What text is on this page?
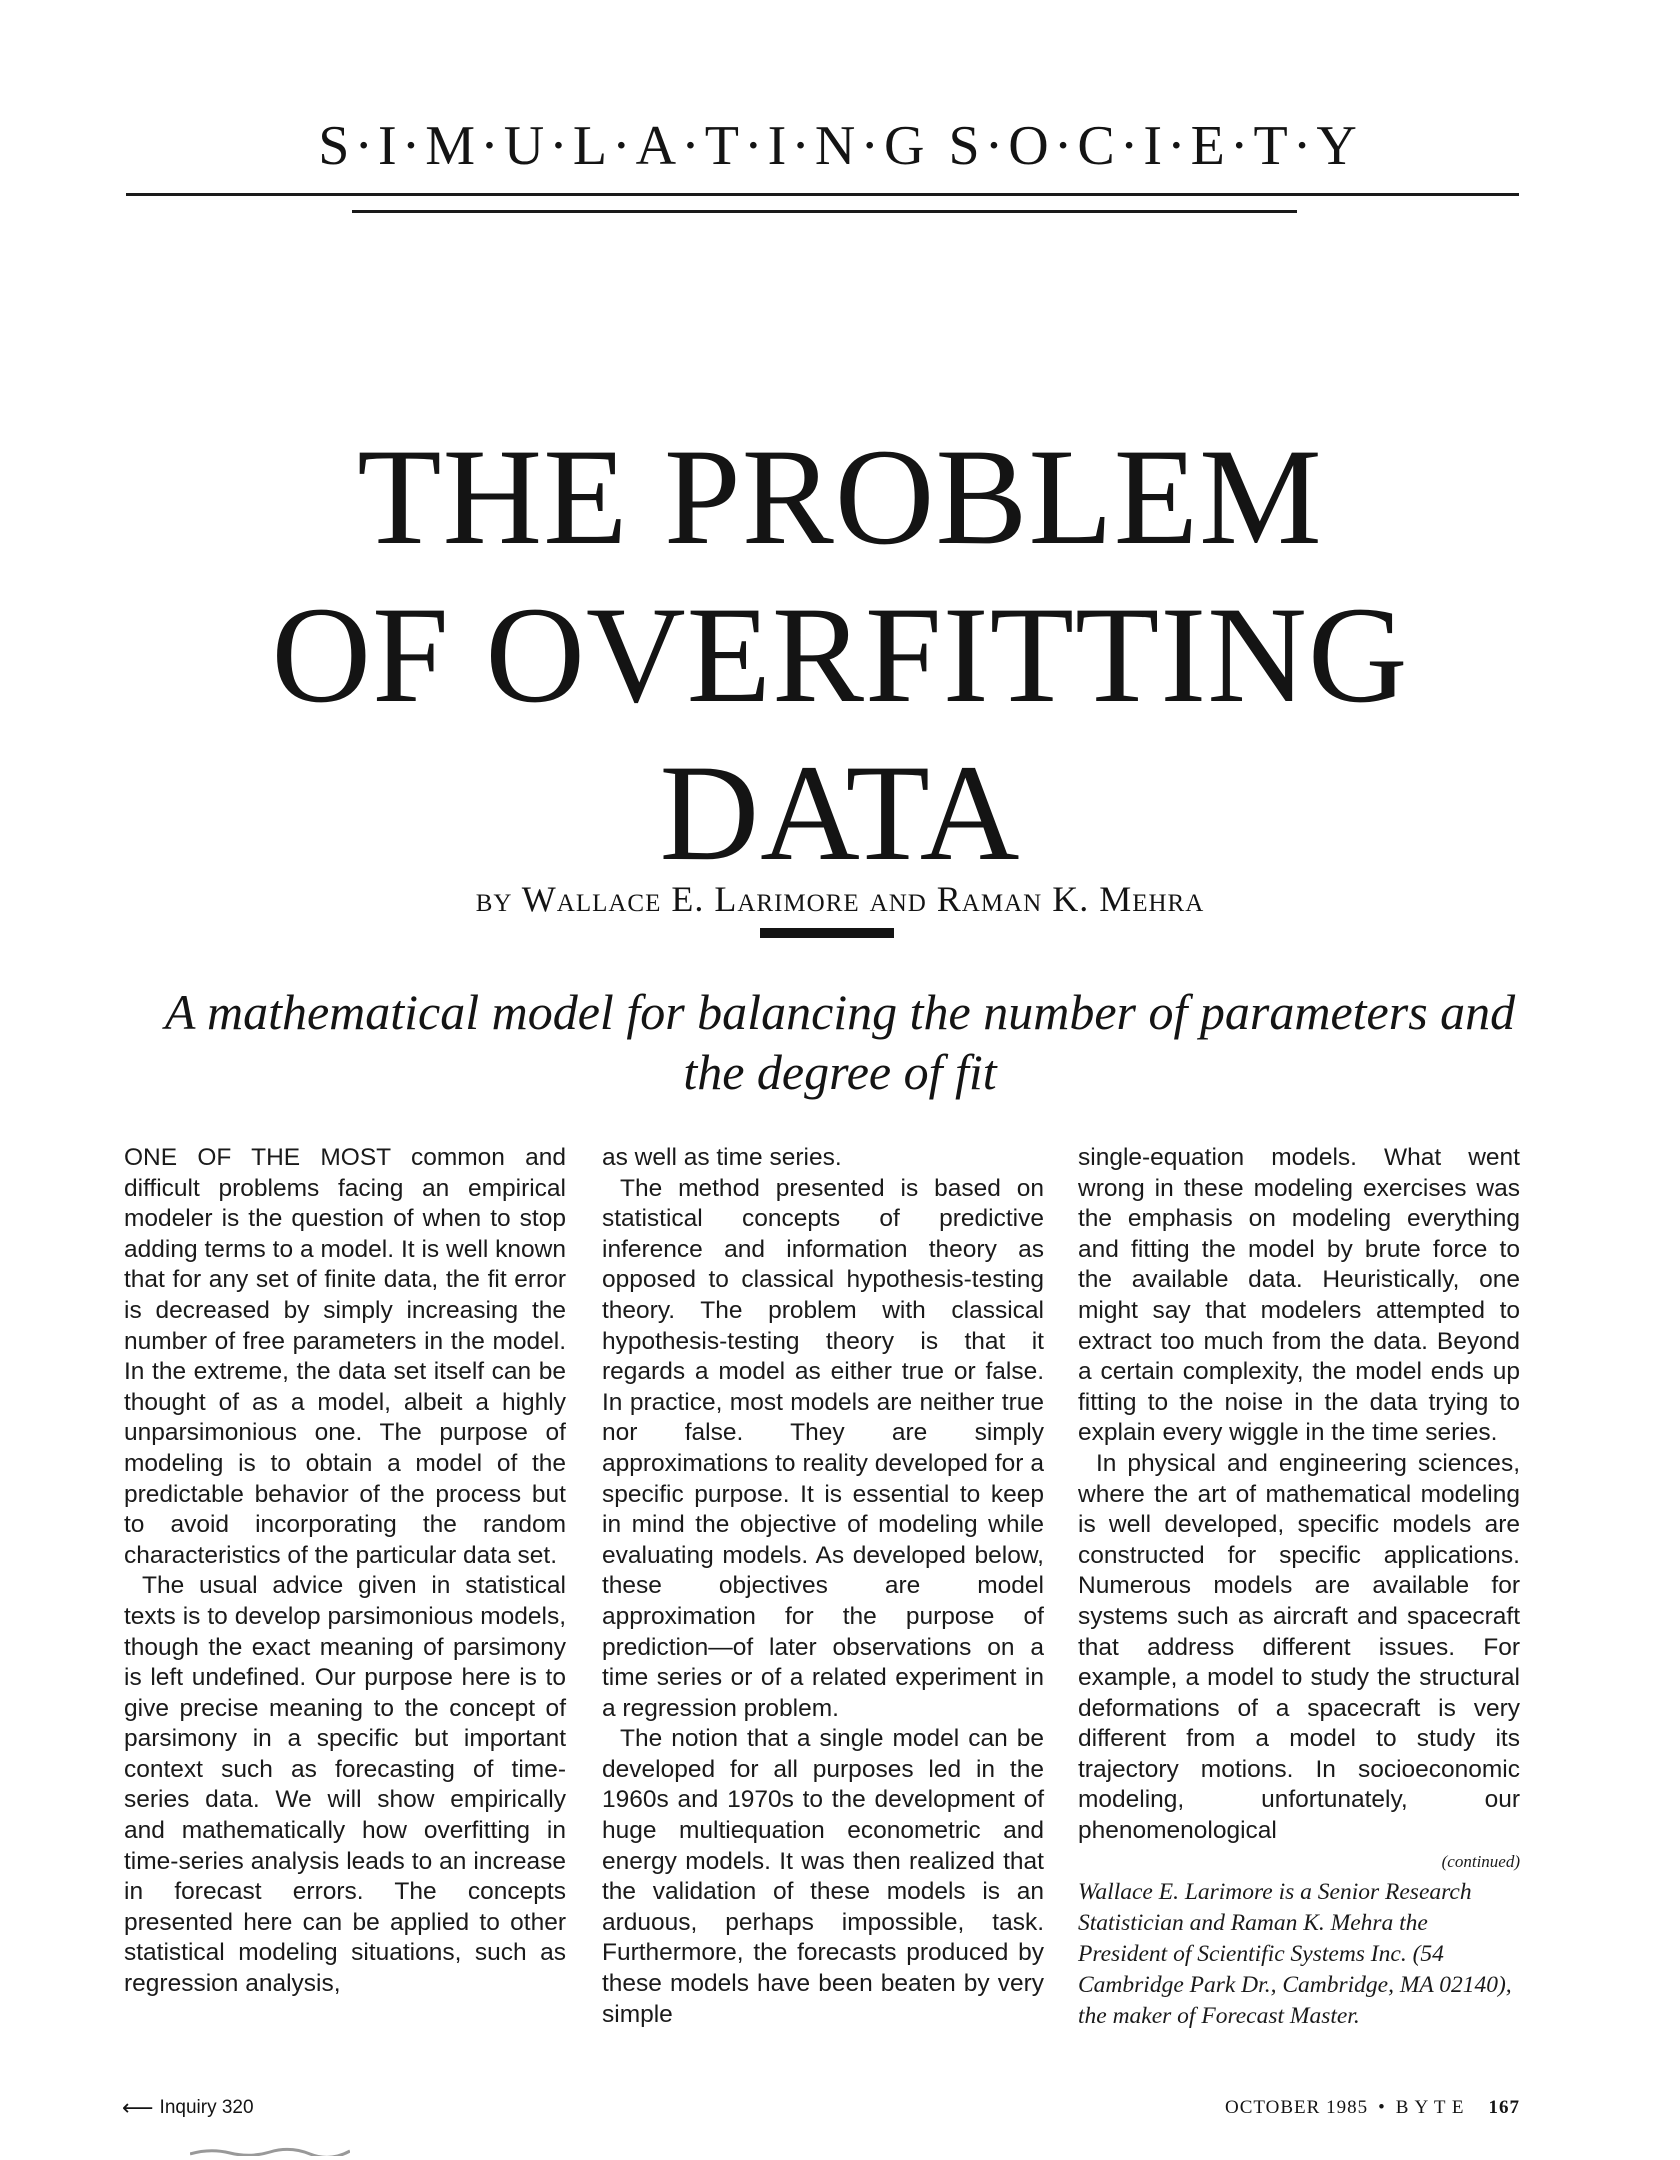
S·I·M·U·L·A·T·I·N·G S·O·C·I·E·T·Y
THE PROBLEM
OF OVERFITTING
DATA
by Wallace E. Larimore and Raman K. Mehra
A mathematical model for balancing the number of parameters and the degree of fit

ONE OF THE MOST common and difficult problems facing an empirical modeler is the question of when to stop adding terms to a model. It is well known that for any set of finite data, the fit error is decreased by simply increasing the number of free parameters in the model. In the extreme, the data set itself can be thought of as a model, albeit a highly unparsimonious one. The purpose of modeling is to obtain a model of the predictable behavior of the process but to avoid incorporating the random characteristics of the particular data set.

The usual advice given in statistical texts is to develop parsimonious models, though the exact meaning of parsimony is left undefined. Our purpose here is to give precise meaning to the concept of parsimony in a specific but important context such as forecasting of time-series data. We will show empirically and mathematically how overfitting in time-series analysis leads to an increase in forecast errors. The concepts presented here can be applied to other statistical modeling situations, such as regression analysis,

as well as time series.

The method presented is based on statistical concepts of predictive inference and information theory as opposed to classical hypothesis-testing theory. The problem with classical hypothesis-testing theory is that it regards a model as either true or false. In practice, most models are neither true nor false. They are simply approximations to reality developed for a specific purpose. It is essential to keep in mind the objective of modeling while evaluating models. As developed below, these objectives are model approximation for the purpose of prediction—of later observations on a time series or of a related experiment in a regression problem.

The notion that a single model can be developed for all purposes led in the 1960s and 1970s to the development of huge multiequation econometric and energy models. It was then realized that the validation of these models is an arduous, perhaps impossible, task. Furthermore, the forecasts produced by these models have been beaten by very simple

single-equation models. What went wrong in these modeling exercises was the emphasis on modeling everything and fitting the model by brute force to the available data. Heuristically, one might say that modelers attempted to extract too much from the data. Beyond a certain complexity, the model ends up fitting to the noise in the data trying to explain every wiggle in the time series.

In physical and engineering sciences, where the art of mathematical modeling is well developed, specific models are constructed for specific applications. Numerous models are available for systems such as aircraft and spacecraft that address different issues. For example, a model to study the structural deformations of a spacecraft is very different from a model to study its trajectory motions. In socioeconomic modeling, unfortunately, our phenomenological

(continued)
Wallace E. Larimore is a Senior Research Statistician and Raman K. Mehra the President of Scientific Systems Inc. (54 Cambridge Park Dr., Cambridge, MA 02140), the maker of Forecast Master.
⟵ Inquiry 320	OCTOBER 1985 • B Y T E 167
